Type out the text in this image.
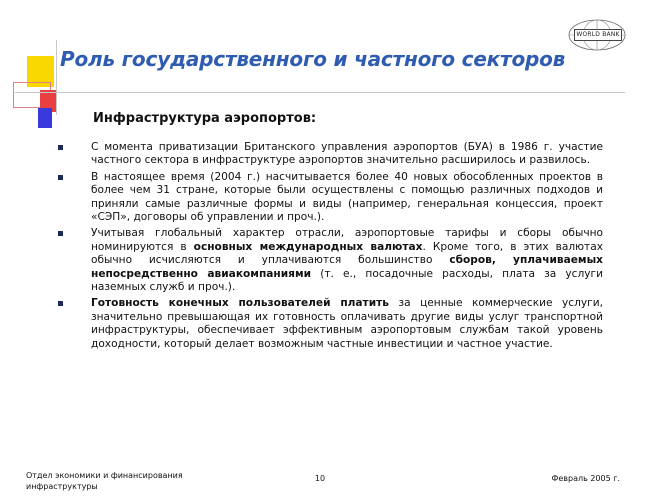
WORLD BANK
Роль государственного и частного секторов
Инфраструктура аэропортов:
С момента приватизации Британского управления аэропортов (БУА) в 1986 г. участие частного сектора в инфраструктуре аэропортов значительно расширилось и развилось.
В настоящее время (2004 г.) насчитывается более 40 новых обособленных проектов в более чем 31 стране, которые были осуществлены с помощью различных подходов и приняли самые различные формы и виды (например, генеральная концессия, проект «СЭП», договоры об управлении и проч.).
Учитывая глобальный характер отрасли, аэропортовые тарифы и сборы обычно номинируются в основных международных валютах. Кроме того, в этих валютах обычно исчисляются и уплачиваются большинство сборов, уплачиваемых непосредственно авиакомпаниями (т. е., посадочные расходы, плата за услуги наземных служб и проч.).
Готовность конечных пользователей платить за ценные коммерческие услуги, значительно превышающая их готовность оплачивать другие виды услуг транспортной инфраструктуры, обеспечивает эффективным аэропортовым службам такой уровень доходности, который делает возможным частные инвестиции и частное участие.
Отдел экономики и финансирования инфраструктуры
10	Февраль 2005 г.
